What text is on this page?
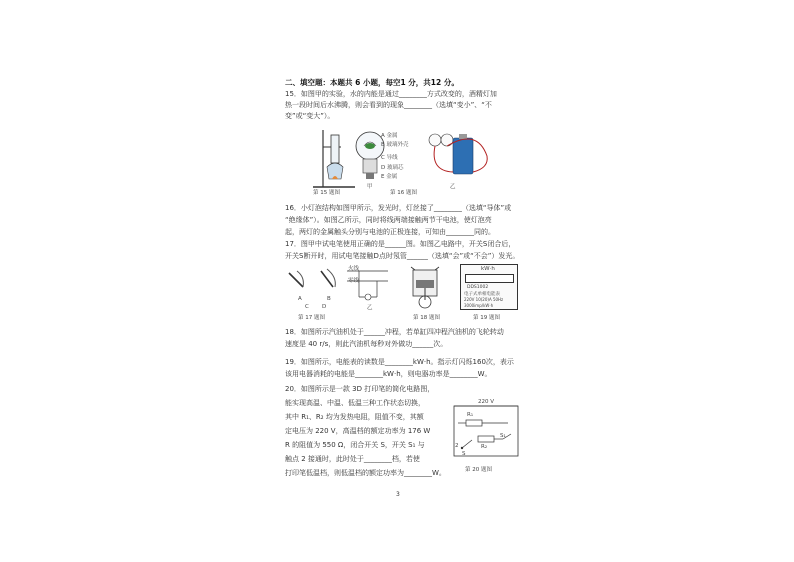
二、填空题：本题共 6 小题，每空1 分，共12 分。
15．如图甲的实验，水的内能是通过________方式改变的，酒精灯加
热一段时间后水沸腾，则会看到的现象________（选填“变小”、“不
变”或“变大”）。
第 15 题图
A 金属
B 玻璃外壳
C 导线
D 玻璃芯
E 金属
甲
第 16 题图
乙
16．小灯泡结构如图甲所示，发光时，灯丝接了________（选填“导体”或
“绝缘体”）。如图乙所示，同时将线两端接触两节干电池，使灯泡亮
起，两灯的金属触头分别与电池的正极连接，可知由________同的。
17．图甲中试电笔使用正确的是______图。如图乙电路中，开关S闭合后，
开关S断开时，用试电笔接触D点时氖管______（选填“会”或“不会”）发光。
A	B
C D
第 17 题图
火线
零线
乙
第 18 题图
kW·h
DDS1002
电子式单相电能表
220V 10(20)A 50Hz
3000imp/kW·h
第 19 题图
18．如图所示汽油机处于______冲程，若单缸四冲程汽油机的飞轮转动
速度是 40 r/s，则此汽油机每秒对外做功______次。
19．如图所示，电能表的读数是________kW·h。指示灯闪烁160次，表示
该用电器消耗的电能是________kW·h，则电器功率是________W。
20．如图所示是一款 3D 打印笔的简化电路图，
能实现高温、中温、低温三种工作状态切换，
其中 R₁、R₂ 均为发热电阻，阻值不变，其额
定电压为 220 V，高温档的额定功率为 176 W
R 的阻值为 550 Ω，闭合开关 S，开关 S₁ 与
触点 2 接通时，此时处于________档，若使
打印笔低温档，则低温档的额定功率为________W。
220 V
R₁
R₂
S₁
2
S
第 20 题图
3
